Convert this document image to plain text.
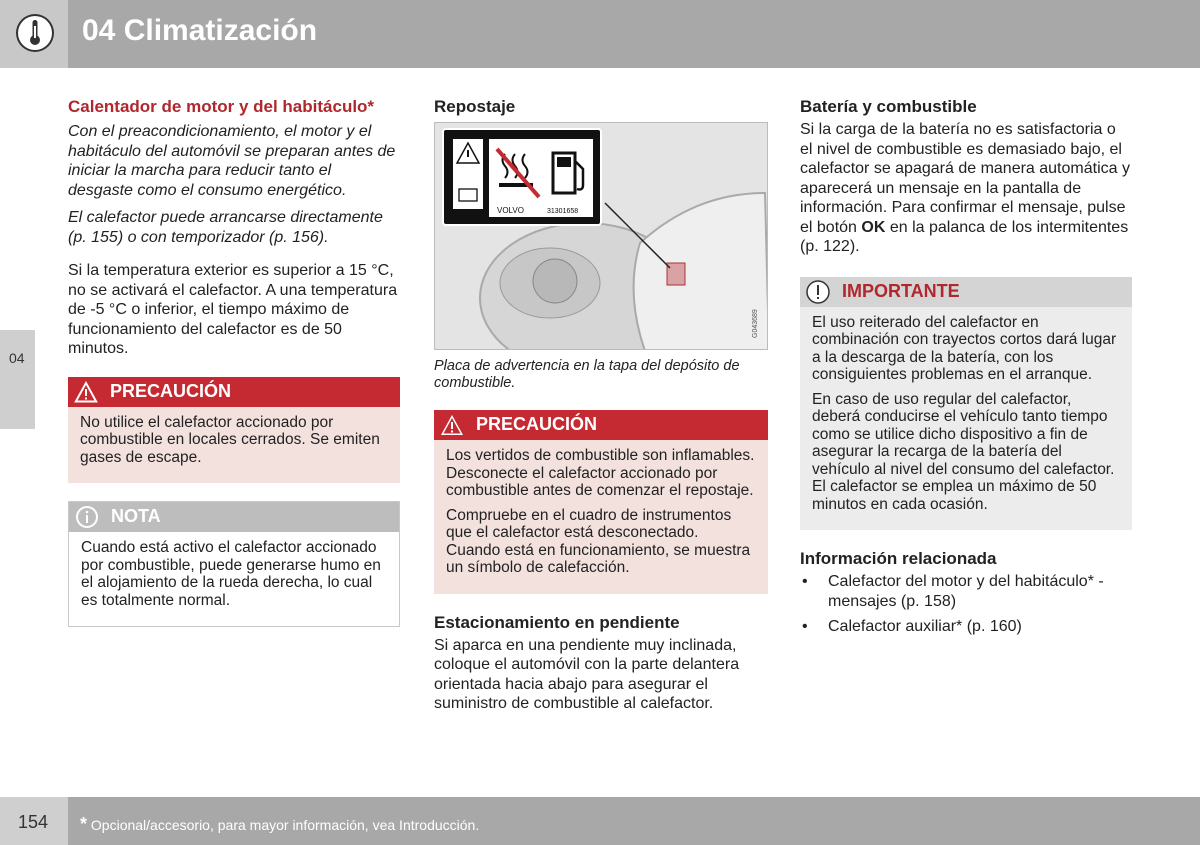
04 Climatización
04
Calentador de motor y del habitáculo*

Con el preacondicionamiento, el motor y el habitáculo del automóvil se preparan antes de iniciar la marcha para reducir tanto el desgaste como el consumo energético.

El calefactor puede arrancarse directamente (p. 155) o con temporizador (p. 156).

Si la temperatura exterior es superior a 15 °C, no se activará el calefactor. A una temperatura de -5 °C o inferior, el tiempo máximo de funcionamiento del calefactor es de 50 minutos.

PRECAUCIÓN

No utilice el calefactor accionado por combustible en locales cerrados. Se emiten gases de escape.

NOTA

Cuando está activo el calefactor accionado por combustible, puede generarse humo en el alojamiento de la rueda derecha, lo cual es totalmente normal.

Repostaje
VOLVO	31301658
G043689
Placa de advertencia en la tapa del depósito de combustible.
PRECAUCIÓN

Los vertidos de combustible son inflamables. Desconecte el calefactor accionado por combustible antes de comenzar el repostaje.

Compruebe en el cuadro de instrumentos que el calefactor está desconectado. Cuando está en funcionamiento, se muestra un símbolo de calefacción.

Estacionamiento en pendiente

Si aparca en una pendiente muy inclinada, coloque el automóvil con la parte delantera orientada hacia abajo para asegurar el suministro de combustible al calefactor.

Batería y combustible

Si la carga de la batería no es satisfactoria o el nivel de combustible es demasiado bajo, el calefactor se apagará de manera automática y aparecerá un mensaje en la pantalla de información. Para confirmar el mensaje, pulse el botón OK en la palanca de los intermitentes (p. 122).

IMPORTANTE

El uso reiterado del calefactor en combinación con trayectos cortos dará lugar a la descarga de la batería, con los consiguientes problemas en el arranque.

En caso de uso regular del calefactor, deberá conducirse el vehículo tanto tiempo como se utilice dicho dispositivo a fin de asegurar la recarga de la batería del vehículo al nivel del consumo del calefactor. El calefactor se emplea un máximo de 50 minutos en cada ocasión.

Información relacionada
• Calefactor del motor y del habitáculo* - mensajes (p. 158)
• Calefactor auxiliar* (p. 160)
154 * Opcional/accesorio, para mayor información, vea Introducción.
